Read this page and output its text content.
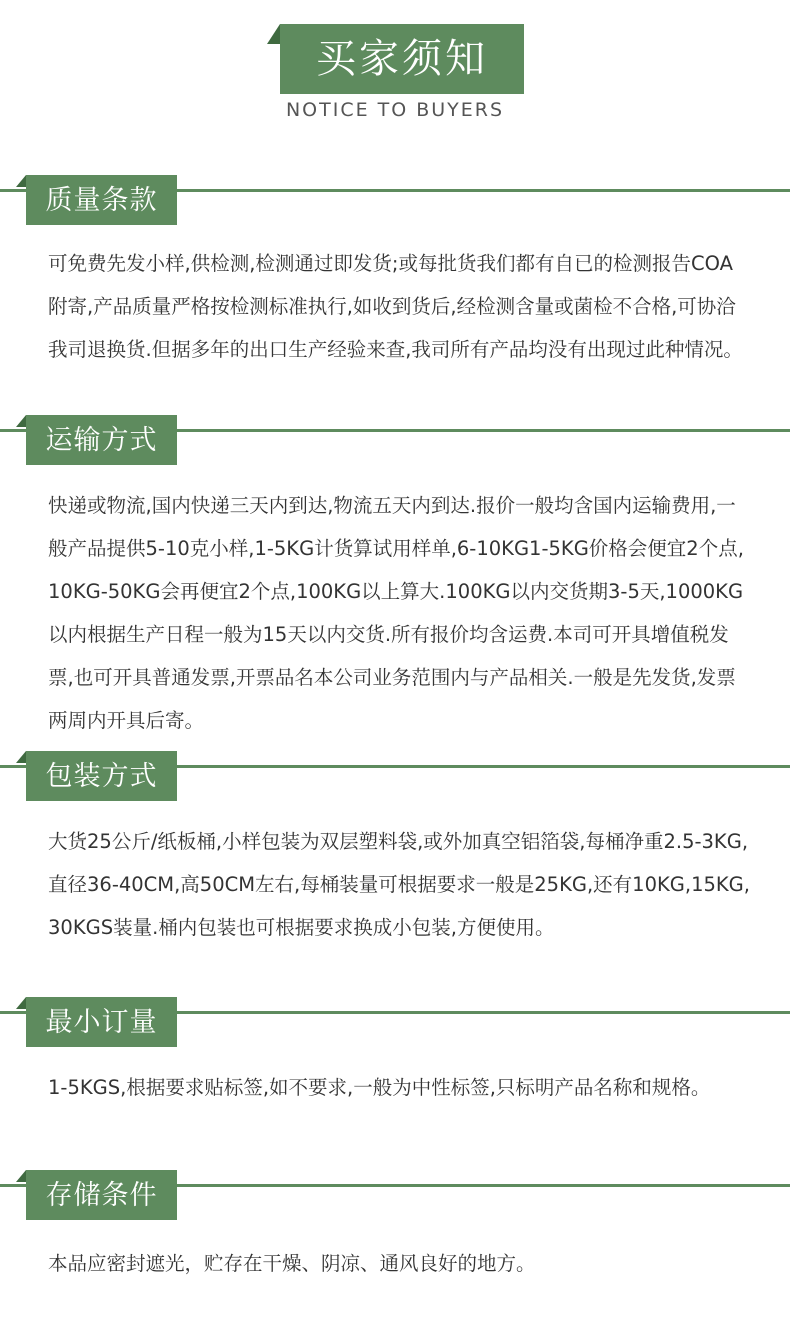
买家须知
NOTICE TO BUYERS
质量条款

可免费先发小样,供检测,检测通过即发货;或每批货我们都有自已的检测报告COA附寄,产品质量严格按检测标准执行,如收到货后,经检测含量或菌检不合格,可协洽我司退换货.但据多年的出口生产经验来查,我司所有产品均没有出现过此种情况。

运输方式

快递或物流,国内快递三天内到达,物流五天内到达.报价一般均含国内运输费用,一般产品提供5-10克小样,1-5KG计货算试用样单,6-10KG1-5KG价格会便宜2个点,10KG-50KG会再便宜2个点,100KG以上算大.100KG以内交货期3-5天,1000KG以内根据生产日程一般为15天以内交货.所有报价均含运费.本司可开具增值税发票,也可开具普通发票,开票品名本公司业务范围内与产品相关.一般是先发货,发票两周内开具后寄。

包装方式

大货25公斤/纸板桶,小样包装为双层塑料袋,或外加真空铝箔袋,每桶净重2.5-3KG,直径36-40CM,高50CM左右,每桶装量可根据要求一般是25KG,还有10KG,15KG,30KGS装量.桶内包装也可根据要求换成小包装,方便使用。

最小订量

1-5KGS,根据要求贴标签,如不要求,一般为中性标签,只标明产品名称和规格。

存储条件

本品应密封遮光，贮存在干燥、阴凉、通风良好的地方。
